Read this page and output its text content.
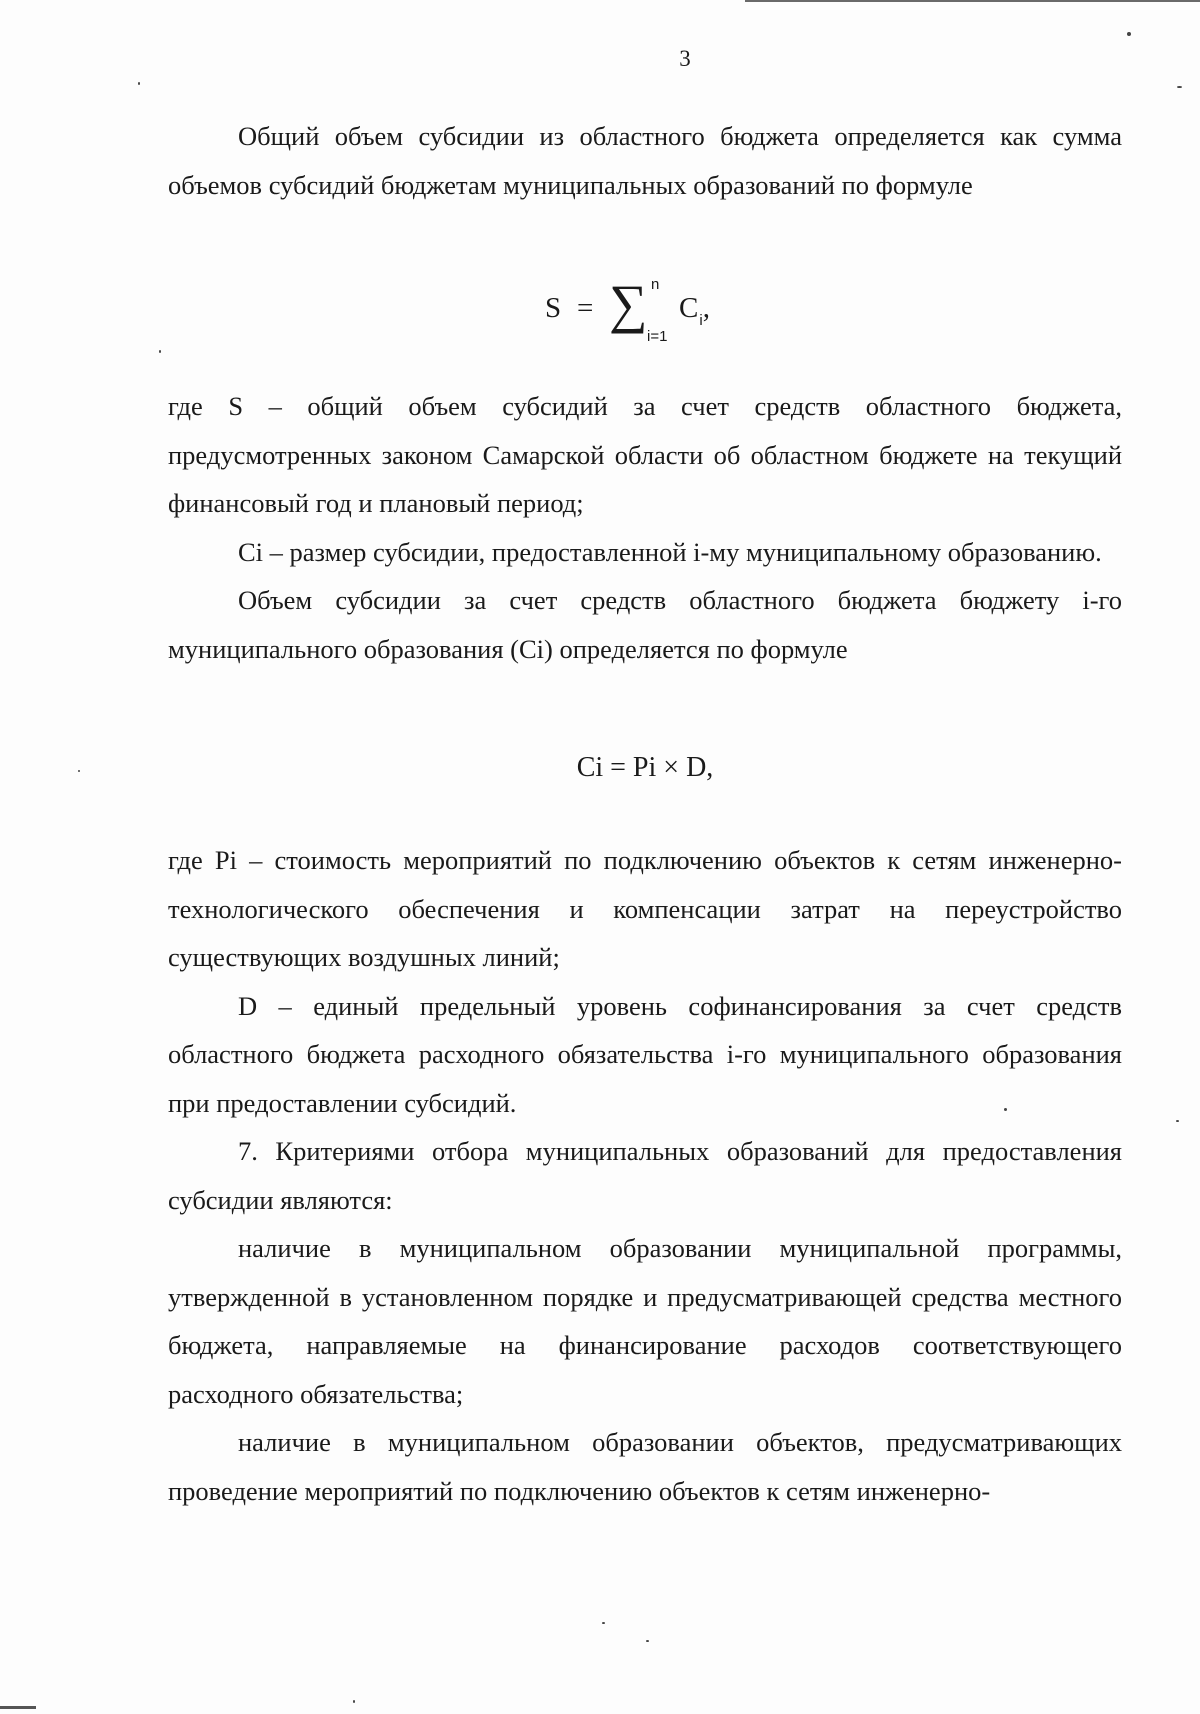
3

Общий объем субсидии из областного бюджета определяется как сумма объемов субсидий бюджетам муниципальных образований по формуле

S = ∑ n
i=1
$C_i$,

где S – общий объем субсидий за счет средств областного бюджета, предусмотренных законом Самарской области об областном бюджете на текущий финансовый год и плановый период;

Ci – размер субсидии, предоставленной i-му муниципальному образованию.

Объем субсидии за счет средств областного бюджета бюджету i-го муниципального образования (Ci) определяется по формуле

Ci = Pi × D,

где Pi – стоимость мероприятий по подключению объектов к сетям инженерно-технологического обеспечения и компенсации затрат на переустройство существующих воздушных линий;

D – единый предельный уровень софинансирования за счет средств областного бюджета расходного обязательства i-го муниципального образования при предоставлении субсидий.

7. Критериями отбора муниципальных образований для предоставления субсидии являются:

наличие в муниципальном образовании муниципальной программы, утвержденной в установленном порядке и предусматривающей средства местного бюджета, направляемые на финансирование расходов соответствующего расходного обязательства;

наличие в муниципальном образовании объектов, предусматривающих проведение мероприятий по подключению объектов к сетям инженерно-
